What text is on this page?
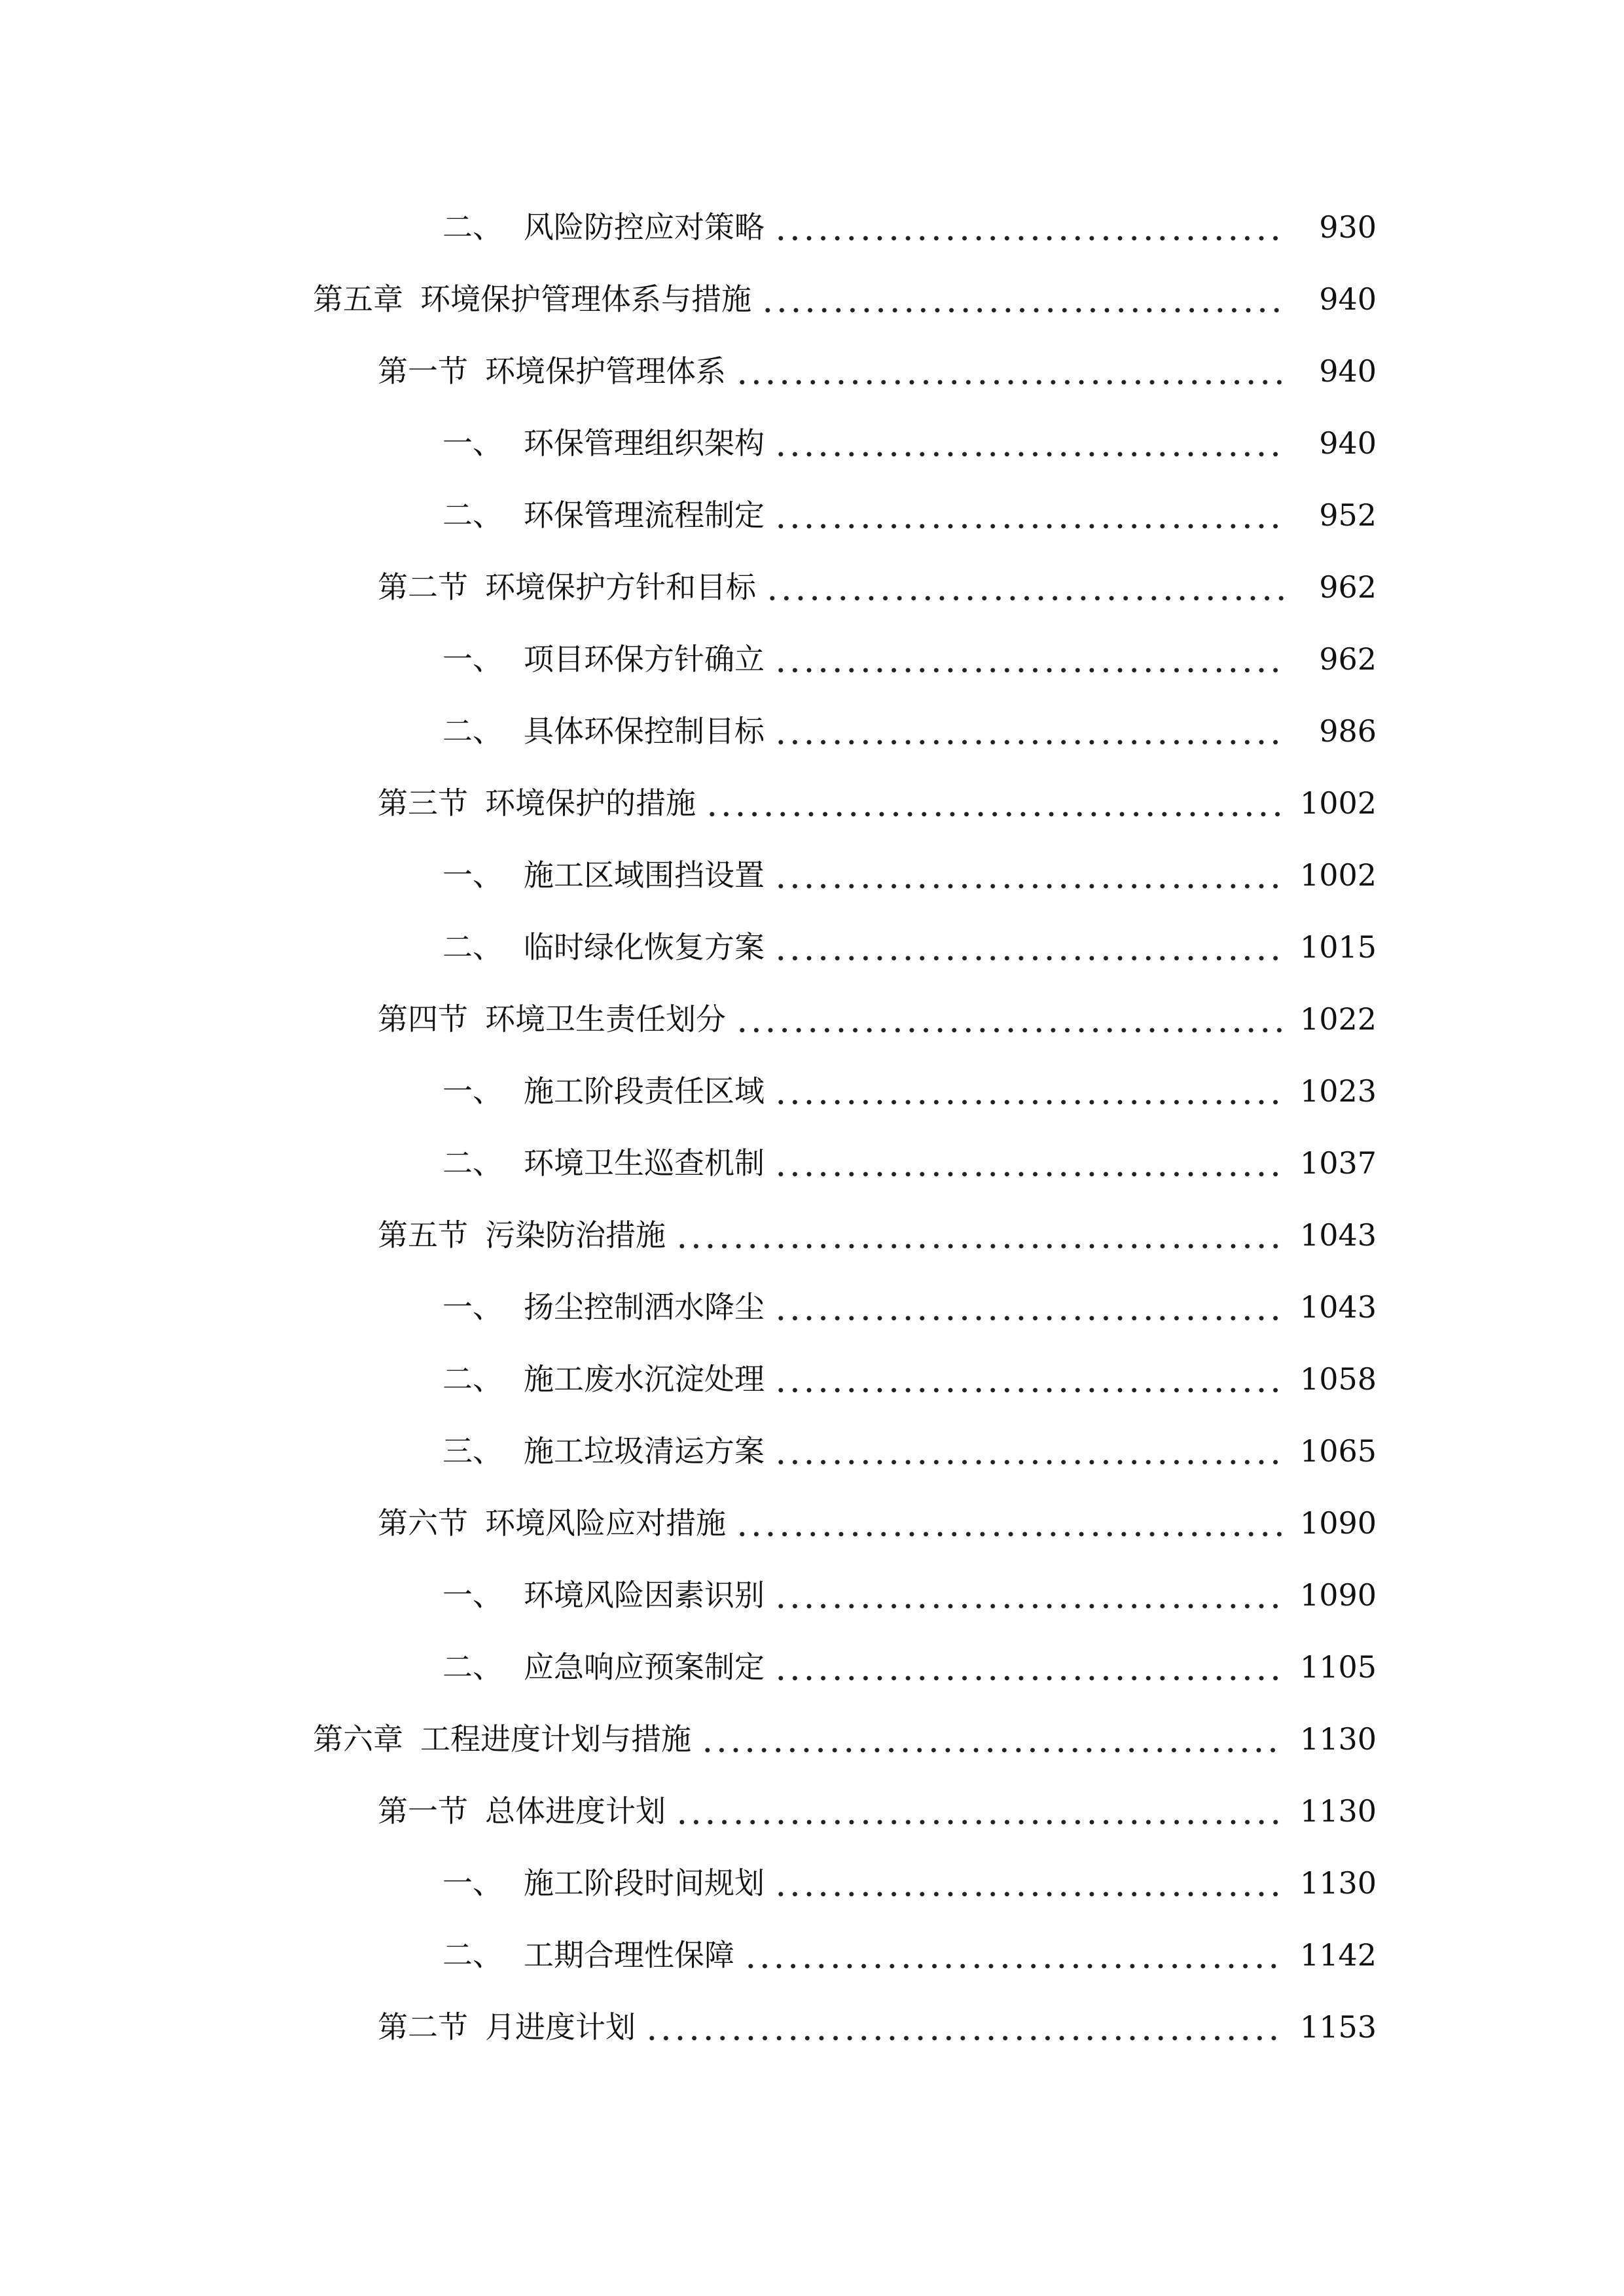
二、 风险防控应对策略	930
第五章 环境保护管理体系与措施	940
第一节 环境保护管理体系	940
一、 环保管理组织架构	940
二、 环保管理流程制定	952
第二节 环境保护方针和目标	962
一、 项目环保方针确立	962
二、 具体环保控制目标	986
第三节 环境保护的措施	1002
一、 施工区域围挡设置	1002
二、 临时绿化恢复方案	1015
第四节 环境卫生责任划分	1022
一、 施工阶段责任区域	1023
二、 环境卫生巡查机制	1037
第五节 污染防治措施	1043
一、 扬尘控制洒水降尘	1043
二、 施工废水沉淀处理	1058
三、 施工垃圾清运方案	1065
第六节 环境风险应对措施	1090
一、 环境风险因素识别	1090
二、 应急响应预案制定	1105
第六章 工程进度计划与措施	1130
第一节 总体进度计划	1130
一、 施工阶段时间规划	1130
二、 工期合理性保障	1142
第二节 月进度计划	1153
